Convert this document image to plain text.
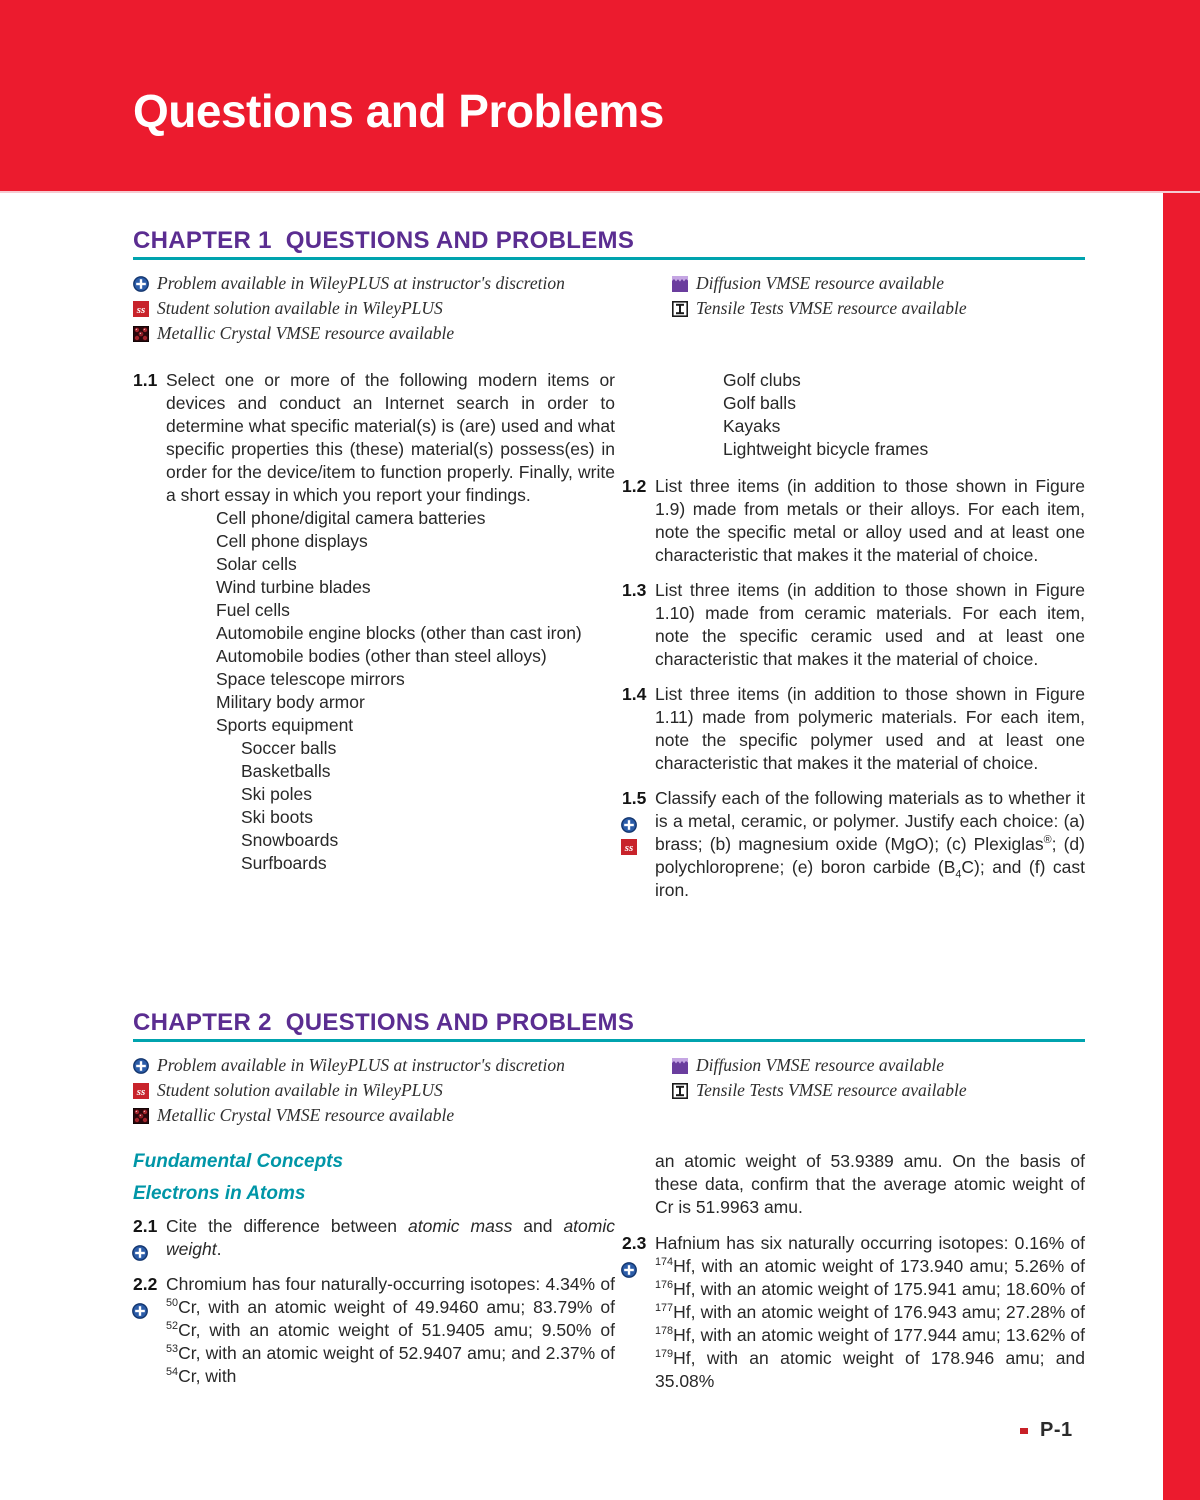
Questions and Problems
CHAPTER 1 QUESTIONS AND PROBLEMS
Problem available in WileyPLUS at instructor's discretion
ss Student solution available in WileyPLUS
Metallic Crystal VMSE resource available
Diffusion VMSE resource available
Tensile Tests VMSE resource available
1.1 Select one or more of the following modern items or devices and conduct an Internet search in order to determine what specific material(s) is (are) used and what specific properties this (these) material(s) possess(es) in order for the device/item to function properly. Finally, write a short essay in which you report your findings.
Cell phone/digital camera batteries
Cell phone displays
Solar cells
Wind turbine blades
Fuel cells
Automobile engine blocks (other than cast iron)
Automobile bodies (other than steel alloys)
Space telescope mirrors
Military body armor
Sports equipment
Soccer balls
Basketballs
Ski poles
Ski boots
Snowboards
Surfboards
Golf clubs
Golf balls
Kayaks
Lightweight bicycle frames
1.2 List three items (in addition to those shown in Figure 1.9) made from metals or their alloys. For each item, note the specific metal or alloy used and at least one characteristic that makes it the material of choice.
1.3 List three items (in addition to those shown in Figure 1.10) made from ceramic materials. For each item, note the specific ceramic used and at least one characteristic that makes it the material of choice.
1.4 List three items (in addition to those shown in Figure 1.11) made from polymeric materials. For each item, note the specific polymer used and at least one characteristic that makes it the material of choice.
1.5
ss
Classify each of the following materials as to whether it is a metal, ceramic, or polymer. Justify each choice: (a) brass; (b) magnesium oxide (MgO); (c) Plexiglas®; (d) polychloroprene; (e) boron carbide $(B_4C)$; and (f) cast iron.
CHAPTER 2 QUESTIONS AND PROBLEMS
Problem available in WileyPLUS at instructor's discretion
ss Student solution available in WileyPLUS
Metallic Crystal VMSE resource available
Diffusion VMSE resource available
Tensile Tests VMSE resource available
Fundamental Concepts
Electrons in Atoms
2.1 Cite the difference between atomic mass and atomic weight.
2.2 Chromium has four naturally-occurring isotopes: 4.34% of $^{50}$Cr, with an atomic weight of 49.9460 amu; 83.79% of $^{52}$Cr, with an atomic weight of 51.9405 amu; 9.50% of $^{53}$Cr, with an atomic weight of 52.9407 amu; and 2.37% of $^{54}$Cr, with
an atomic weight of 53.9389 amu. On the basis of these data, confirm that the average atomic weight of Cr is 51.9963 amu.
2.3 Hafnium has six naturally occurring isotopes: 0.16% of $^{174}$Hf, with an atomic weight of 173.940 amu; 5.26% of $^{176}$Hf, with an atomic weight of 175.941 amu; 18.60% of $^{177}$Hf, with an atomic weight of 176.943 amu; 27.28% of $^{178}$Hf, with an atomic weight of 177.944 amu; 13.62% of $^{179}$Hf, with an atomic weight of 178.946 amu; and 35.08%
P-1
